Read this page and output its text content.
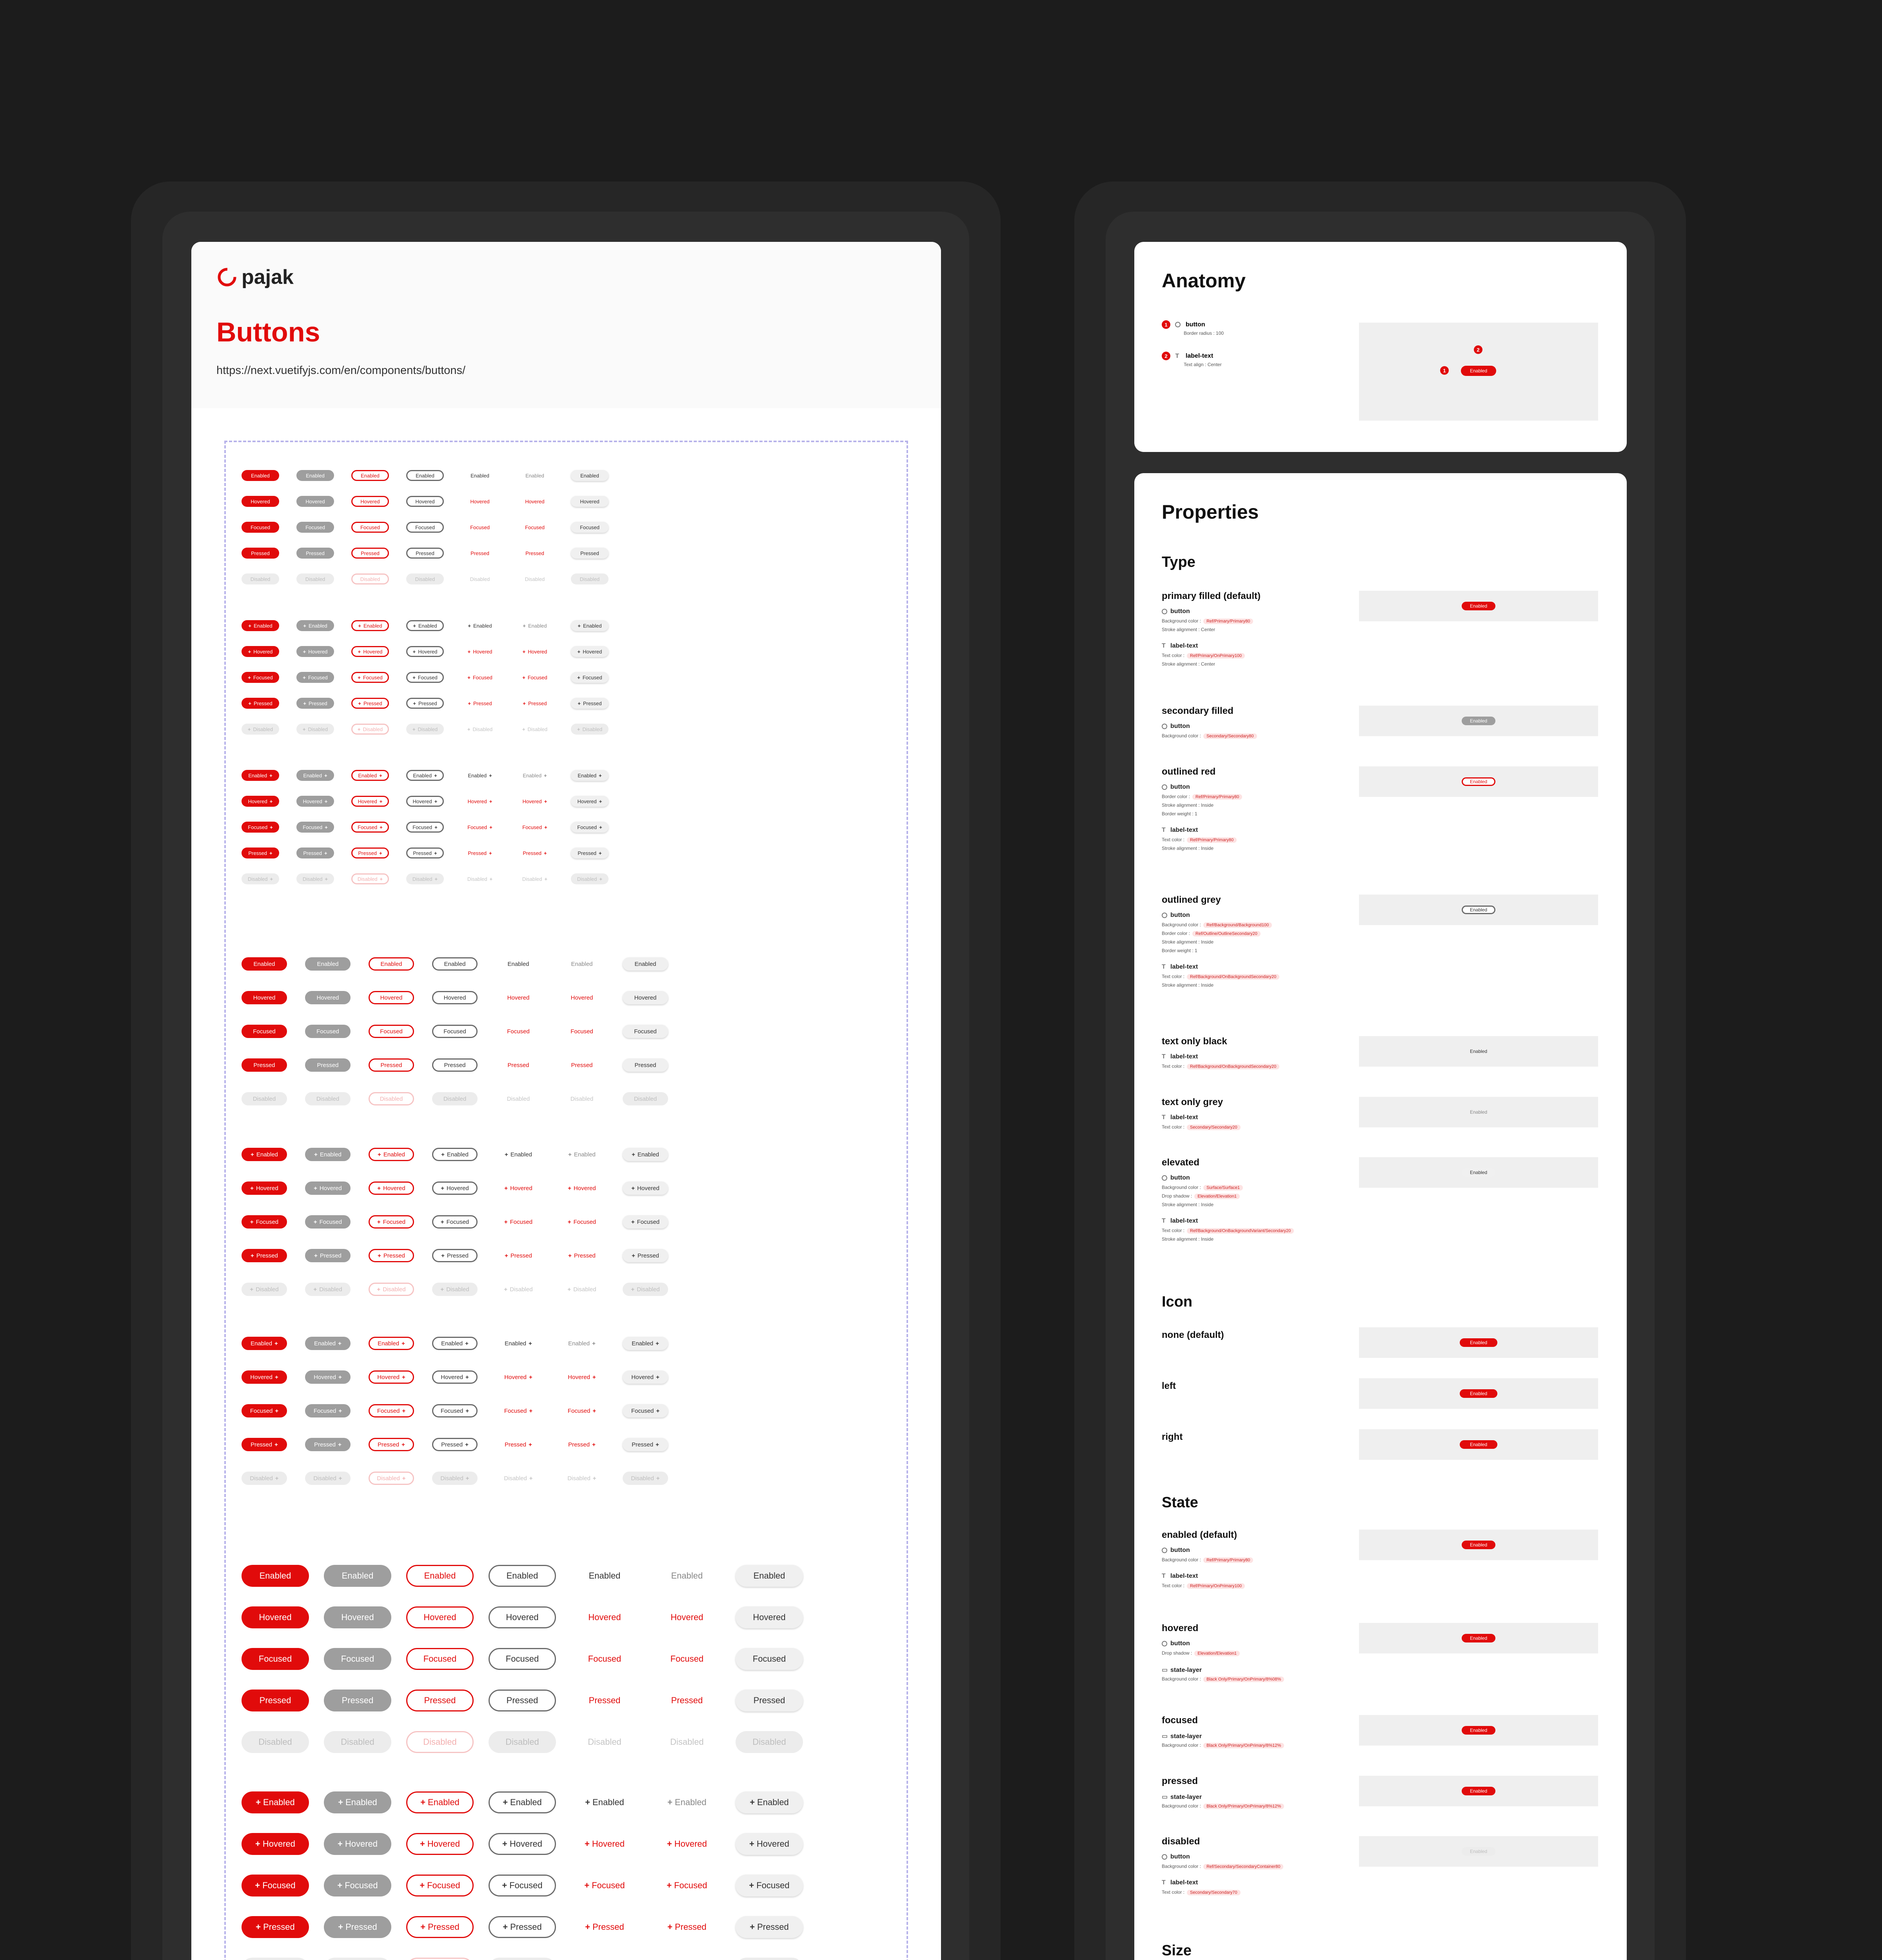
pajak
Buttons
https://next.vuetifyjs.com/en/components/buttons/
Enabled	Enabled	Enabled	Enabled	Enabled	Enabled	Enabled
Hovered	Hovered	Hovered	Hovered	Hovered	Hovered	Hovered
Focused	Focused	Focused	Focused	Focused	Focused	Focused
Pressed	Pressed	Pressed	Pressed	Pressed	Pressed	Pressed
Disabled	Disabled	Disabled	Disabled	Disabled	Disabled	Disabled
+ Enabled	+ Enabled	+ Enabled	+ Enabled	+ Enabled	+ Enabled	+ Enabled
+ Hovered	+ Hovered	+ Hovered	+ Hovered	+ Hovered	+ Hovered	+ Hovered
+ Focused	+ Focused	+ Focused	+ Focused	+ Focused	+ Focused	+ Focused
+ Pressed	+ Pressed	+ Pressed	+ Pressed	+ Pressed	+ Pressed	+ Pressed
+ Disabled	+ Disabled	+ Disabled	+ Disabled	+ Disabled	+ Disabled	+ Disabled
Enabled +	Enabled +	Enabled +	Enabled +	Enabled +	Enabled +	Enabled +
Hovered +	Hovered +	Hovered +	Hovered +	Hovered +	Hovered +	Hovered +
Focused +	Focused +	Focused +	Focused +	Focused +	Focused +	Focused +
Pressed +	Pressed +	Pressed +	Pressed +	Pressed +	Pressed +	Pressed +
Disabled +	Disabled +	Disabled +	Disabled +	Disabled +	Disabled +	Disabled +
Enabled	Enabled	Enabled	Enabled	Enabled	Enabled	Enabled
Hovered	Hovered	Hovered	Hovered	Hovered	Hovered	Hovered
Focused	Focused	Focused	Focused	Focused	Focused	Focused
Pressed	Pressed	Pressed	Pressed	Pressed	Pressed	Pressed
Disabled	Disabled	Disabled	Disabled	Disabled	Disabled	Disabled
+ Enabled	+ Enabled	+ Enabled	+ Enabled	+ Enabled	+ Enabled	+ Enabled
+ Hovered	+ Hovered	+ Hovered	+ Hovered	+ Hovered	+ Hovered	+ Hovered
+ Focused	+ Focused	+ Focused	+ Focused	+ Focused	+ Focused	+ Focused
+ Pressed	+ Pressed	+ Pressed	+ Pressed	+ Pressed	+ Pressed	+ Pressed
+ Disabled	+ Disabled	+ Disabled	+ Disabled	+ Disabled	+ Disabled	+ Disabled
Enabled +	Enabled +	Enabled +	Enabled +	Enabled +	Enabled +	Enabled +
Hovered +	Hovered +	Hovered +	Hovered +	Hovered +	Hovered +	Hovered +
Focused +	Focused +	Focused +	Focused +	Focused +	Focused +	Focused +
Pressed +	Pressed +	Pressed +	Pressed +	Pressed +	Pressed +	Pressed +
Disabled +	Disabled +	Disabled +	Disabled +	Disabled +	Disabled +	Disabled +
Enabled	Enabled	Enabled	Enabled	Enabled	Enabled	Enabled
Hovered	Hovered	Hovered	Hovered	Hovered	Hovered	Hovered
Focused	Focused	Focused	Focused	Focused	Focused	Focused
Pressed	Pressed	Pressed	Pressed	Pressed	Pressed	Pressed
Disabled	Disabled	Disabled	Disabled	Disabled	Disabled	Disabled
+ Enabled	+ Enabled	+ Enabled	+ Enabled	+ Enabled	+ Enabled	+ Enabled
+ Hovered	+ Hovered	+ Hovered	+ Hovered	+ Hovered	+ Hovered	+ Hovered
+ Focused	+ Focused	+ Focused	+ Focused	+ Focused	+ Focused	+ Focused
+ Pressed	+ Pressed	+ Pressed	+ Pressed	+ Pressed	+ Pressed	+ Pressed
Anatomy
1	button
Border radius : 100
2 T label-text
Text align : Center
2
1	Enabled
Properties
Type
primary filled (default)
Enabled
button
Background color : Ref/Primary/Primary80
Stroke alignment : Center
T label-text
Text color : Ref/Primary/OnPrimary100
Stroke alignment : Center
secondary filled
Enabled
button
Background color : Secondary/Secondary80
outlined red
Enabled
button
Border color : Ref/Primary/Primary80
Stroke alignment : Inside
Border weight : 1
T label-text
Text color : Ref/Primary/Primary80
Stroke alignment : Inside
outlined grey
Enabled
button
Background color : Ref/Background/Background100
Border color : Ref/Outline/OutlineSecondary20
Stroke alignment : Inside
Border weight : 1
T label-text
Text color : Ref/Background/OnBackgroundSecondary20
Stroke alignment : Inside
text only black
Enabled
T label-text
Text color : Ref/Background/OnBackgroundSecondary20
text only grey
Enabled
T label-text
Text color : Secondary/Secondary20
elevated
Enabled
button
Background color : Surface/Surface1
Drop shadow : Elevation/Elevation1
Stroke alignment : Inside
T label-text
Text color : Ref/Background/OnBackgroundVariant/Secondary20
Stroke alignment : Inside
Icon
none (default)
Enabled
left
Enabled
right
Enabled
State
enabled (default)
Enabled
button
Background color : Ref/Primary/Primary80
T label-text
Text color : Ref/Primary/OnPrimary100
hovered
Enabled
button
Drop shadow : Elevation/Elevation1
▭ state-layer
Background color : Black Only/Primary/OnPrimary/8%08%
focused
Enabled
▭ state-layer
Background color : Black Only/Primary/OnPrimary/8%12%
pressed
Enabled
▭ state-layer
Background color : Black Only/Primary/OnPrimary/8%12%
disabled
Enabled
button
Background color : Ref/Secondary/SecondaryContainer80
T label-text
Text color : Secondary/Secondary70
Size
